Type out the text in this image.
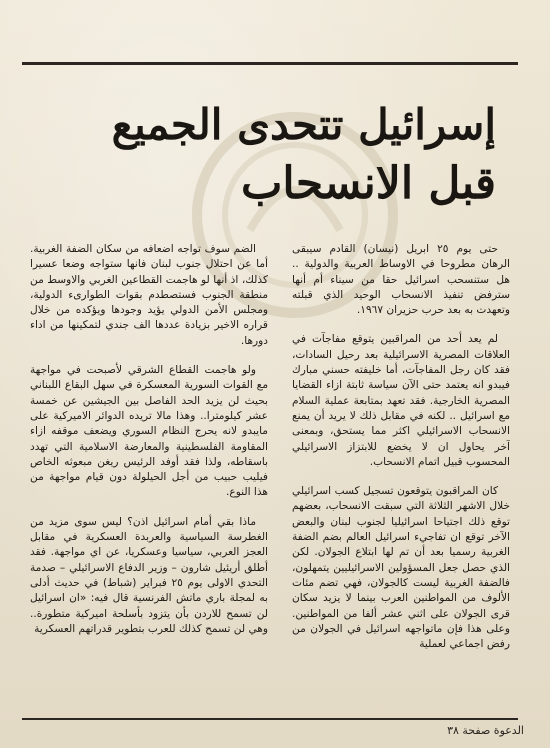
إسرائيل تتحدى الجميع
قبل الانسحاب

حتى يوم ٢٥ ابريل (نيسان) القادم سيبقى الرهان مطروحا في الاوساط العربية والدولية .. هل ستنسحب اسرائيل حقا من سيناء أم أنها سترفض تنفيذ الانسحاب الوحيد الذي قبلته وتعهدت به بعد حرب حزيران ١٩٦٧.

لم يعد أحد من المراقبين يتوقع مفاجآت في العلاقات المصرية الاسرائيلية بعد رحيل السادات، فقد كان رجل المفاجآت، أما خليفته حسني مبارك فيبدو انه يعتمد حتى الآن سياسة ثابتة ازاء القضايا المصرية الخارجية. فقد تعهد بمتابعة عملية السلام مع اسرائيل .. لكنه في مقابل ذلك لا يريد أن يمنع الانسحاب الاسرائيلي اكثر مما يستحق، وبمعنى آخر يحاول ان لا يخضع للابتزاز الاسرائيلي المحسوب قبيل اتمام الانسحاب.

كان المراقبون يتوقعون تسجيل كسب اسرائيلي خلال الاشهر الثلاثة التي سبقت الانسحاب، بعضهم توقع ذلك اجتياحا اسرائيليا لجنوب لبنان والبعض الآخر توقع ان تفاجيء اسرائيل العالم بضم الضفة الغربية رسميا بعد أن تم لها ابتلاع الجولان. لكن الذي حصل جعل المسؤولين الاسرائيليين يتمهلون، فالضفة الغربية ليست كالجولان، فهي تضم مئات الألوف من المواطنين العرب بينما لا يزيد سكان قرى الجولان على اثني عشر ألفا من المواطنين. وعلى هذا فإن ماتواجهه اسرائيل في الجولان من رفض اجماعي لعملية

الضم سوف تواجه اضعافه من سكان الضفة الغربية. أما عن احتلال جنوب لبنان فانها ستواجه وضعا عسيرا كذلك، اذ أنها لو هاجمت القطاعين الغربي والاوسط من منطقة الجنوب فستصطدم بقوات الطوارىء الدولية، ومجلس الأمن الدولي يؤيد وجودها ويؤكده من خلال قراره الاخير بزيادة عددها الف جندي لتمكينها من اداء دورها.

ولو هاجمت القطاع الشرقي لأصبحت في مواجهة مع القوات السورية المعسكرة في سهل البقاع اللبناني بحيث لن يزيد الحد الفاصل بين الجيشين عن خمسة عشر كيلومترا.. وهذا مالا تريده الدوائر الاميركية على مايبدو لانه يحرج النظام السوري ويضعف موقفه ازاء المقاومة الفلسطينية والمعارضة الاسلامية التي تهدد باسقاطه، ولذا فقد أوفد الرئيس ريغن مبعوثه الخاص فيليب حبيب من أجل الحيلولة دون قيام مواجهة من هذا النوع.

ماذا بقي أمام اسرائيل اذن؟ ليس سوى مزيد من الغطرسة السياسية والعربدة العسكرية في مقابل العجز العربي، سياسيا وعسكريا، عن اي مواجهة. فقد أطلق أريئيل شارون – وزير الدفاع الاسرائيلي – صدمة التحدي الاولى يوم ٢٥ فبراير (شباط) في حديث أدلى به لمجلة باري ماتش الفرنسية قال فيه: «ان اسرائيل لن تسمح للاردن بأن يتزود بأسلحة اميركية متطورة.. وهي لن تسمح كذلك للعرب بتطوير قدراتهم العسكرية

الدعوة صفحة ٣٨
